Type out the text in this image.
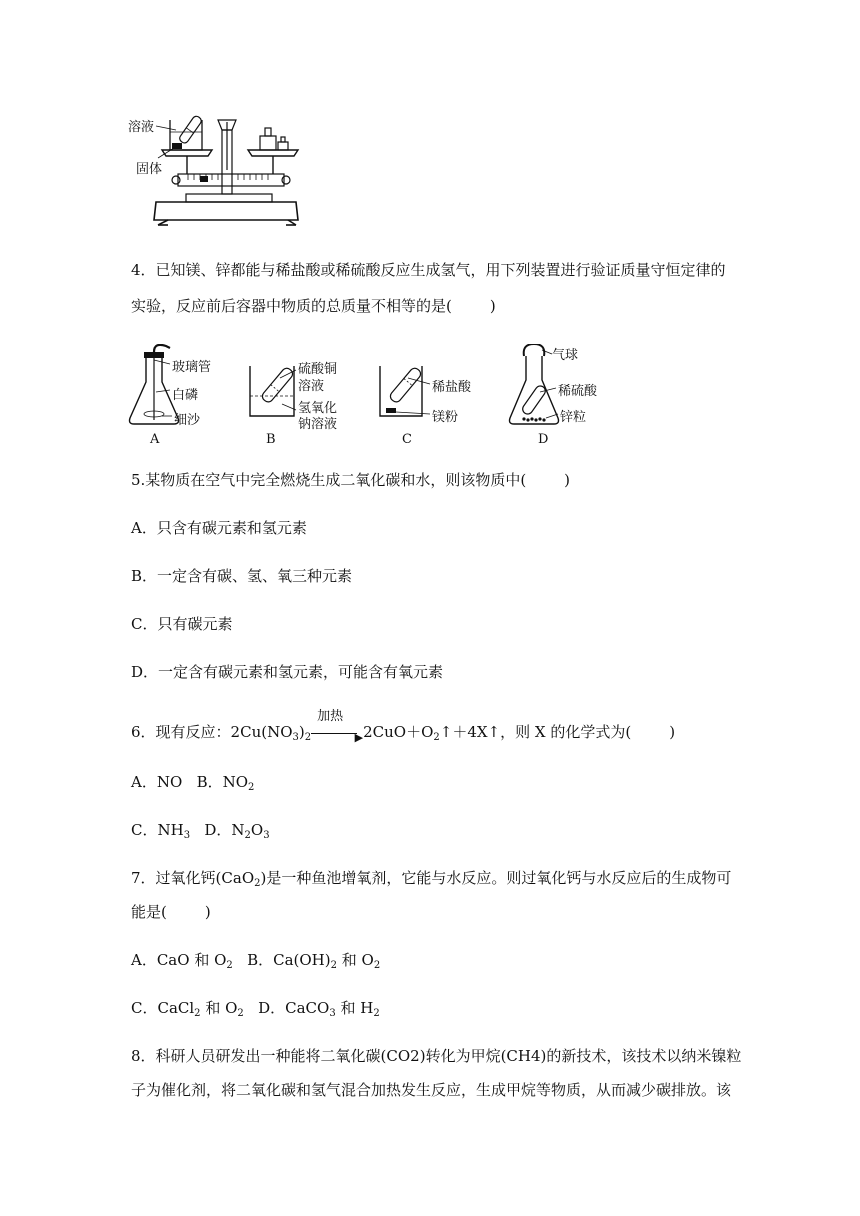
溶液
固体
4．已知镁、锌都能与稀盐酸或稀硫酸反应生成氢气，用下列装置进行验证质量守恒定律的
实验，反应前后容器中物质的总质量不相等的是(	)
玻璃管
白磷
细沙
A
硫酸铜
溶液
氢氧化
钠溶液
B
稀盐酸
镁粉
C
气球
稀硫酸
锌粒
D
5.某物质在空气中完全燃烧生成二氧化碳和水，则该物质中(	)
A．只含有碳元素和氢元素
B．一定含有碳、氢、氧三种元素
C．只有碳元素
D．一定含有碳元素和氢元素，可能含有氧元素
6．现有反应：$2Cu(NO_3)_2$
加热
▶ $2CuO+O_2↑+4X↑$，则 X 的化学式为(	)
A．NO B．$NO_2$
C．$NH_3$ D．$N_2O_3$
7．过氧化钙(CaO$_2$)是一种鱼池增氧剂，它能与水反应。则过氧化钙与水反应后的生成物可
能是(	)
A．CaO 和 $O_2$ B．$Ca(OH)_2$ 和 $O_2$
C．CaCl$_2$ 和 $O_2$ D．CaCO$_3$ 和 $H_2$
8．科研人员研发出一种能将二氧化碳(CO2)转化为甲烷(CH4)的新技术，该技术以纳米镍粒
子为催化剂，将二氧化碳和氢气混合加热发生反应，生成甲烷等物质，从而减少碳排放。该
